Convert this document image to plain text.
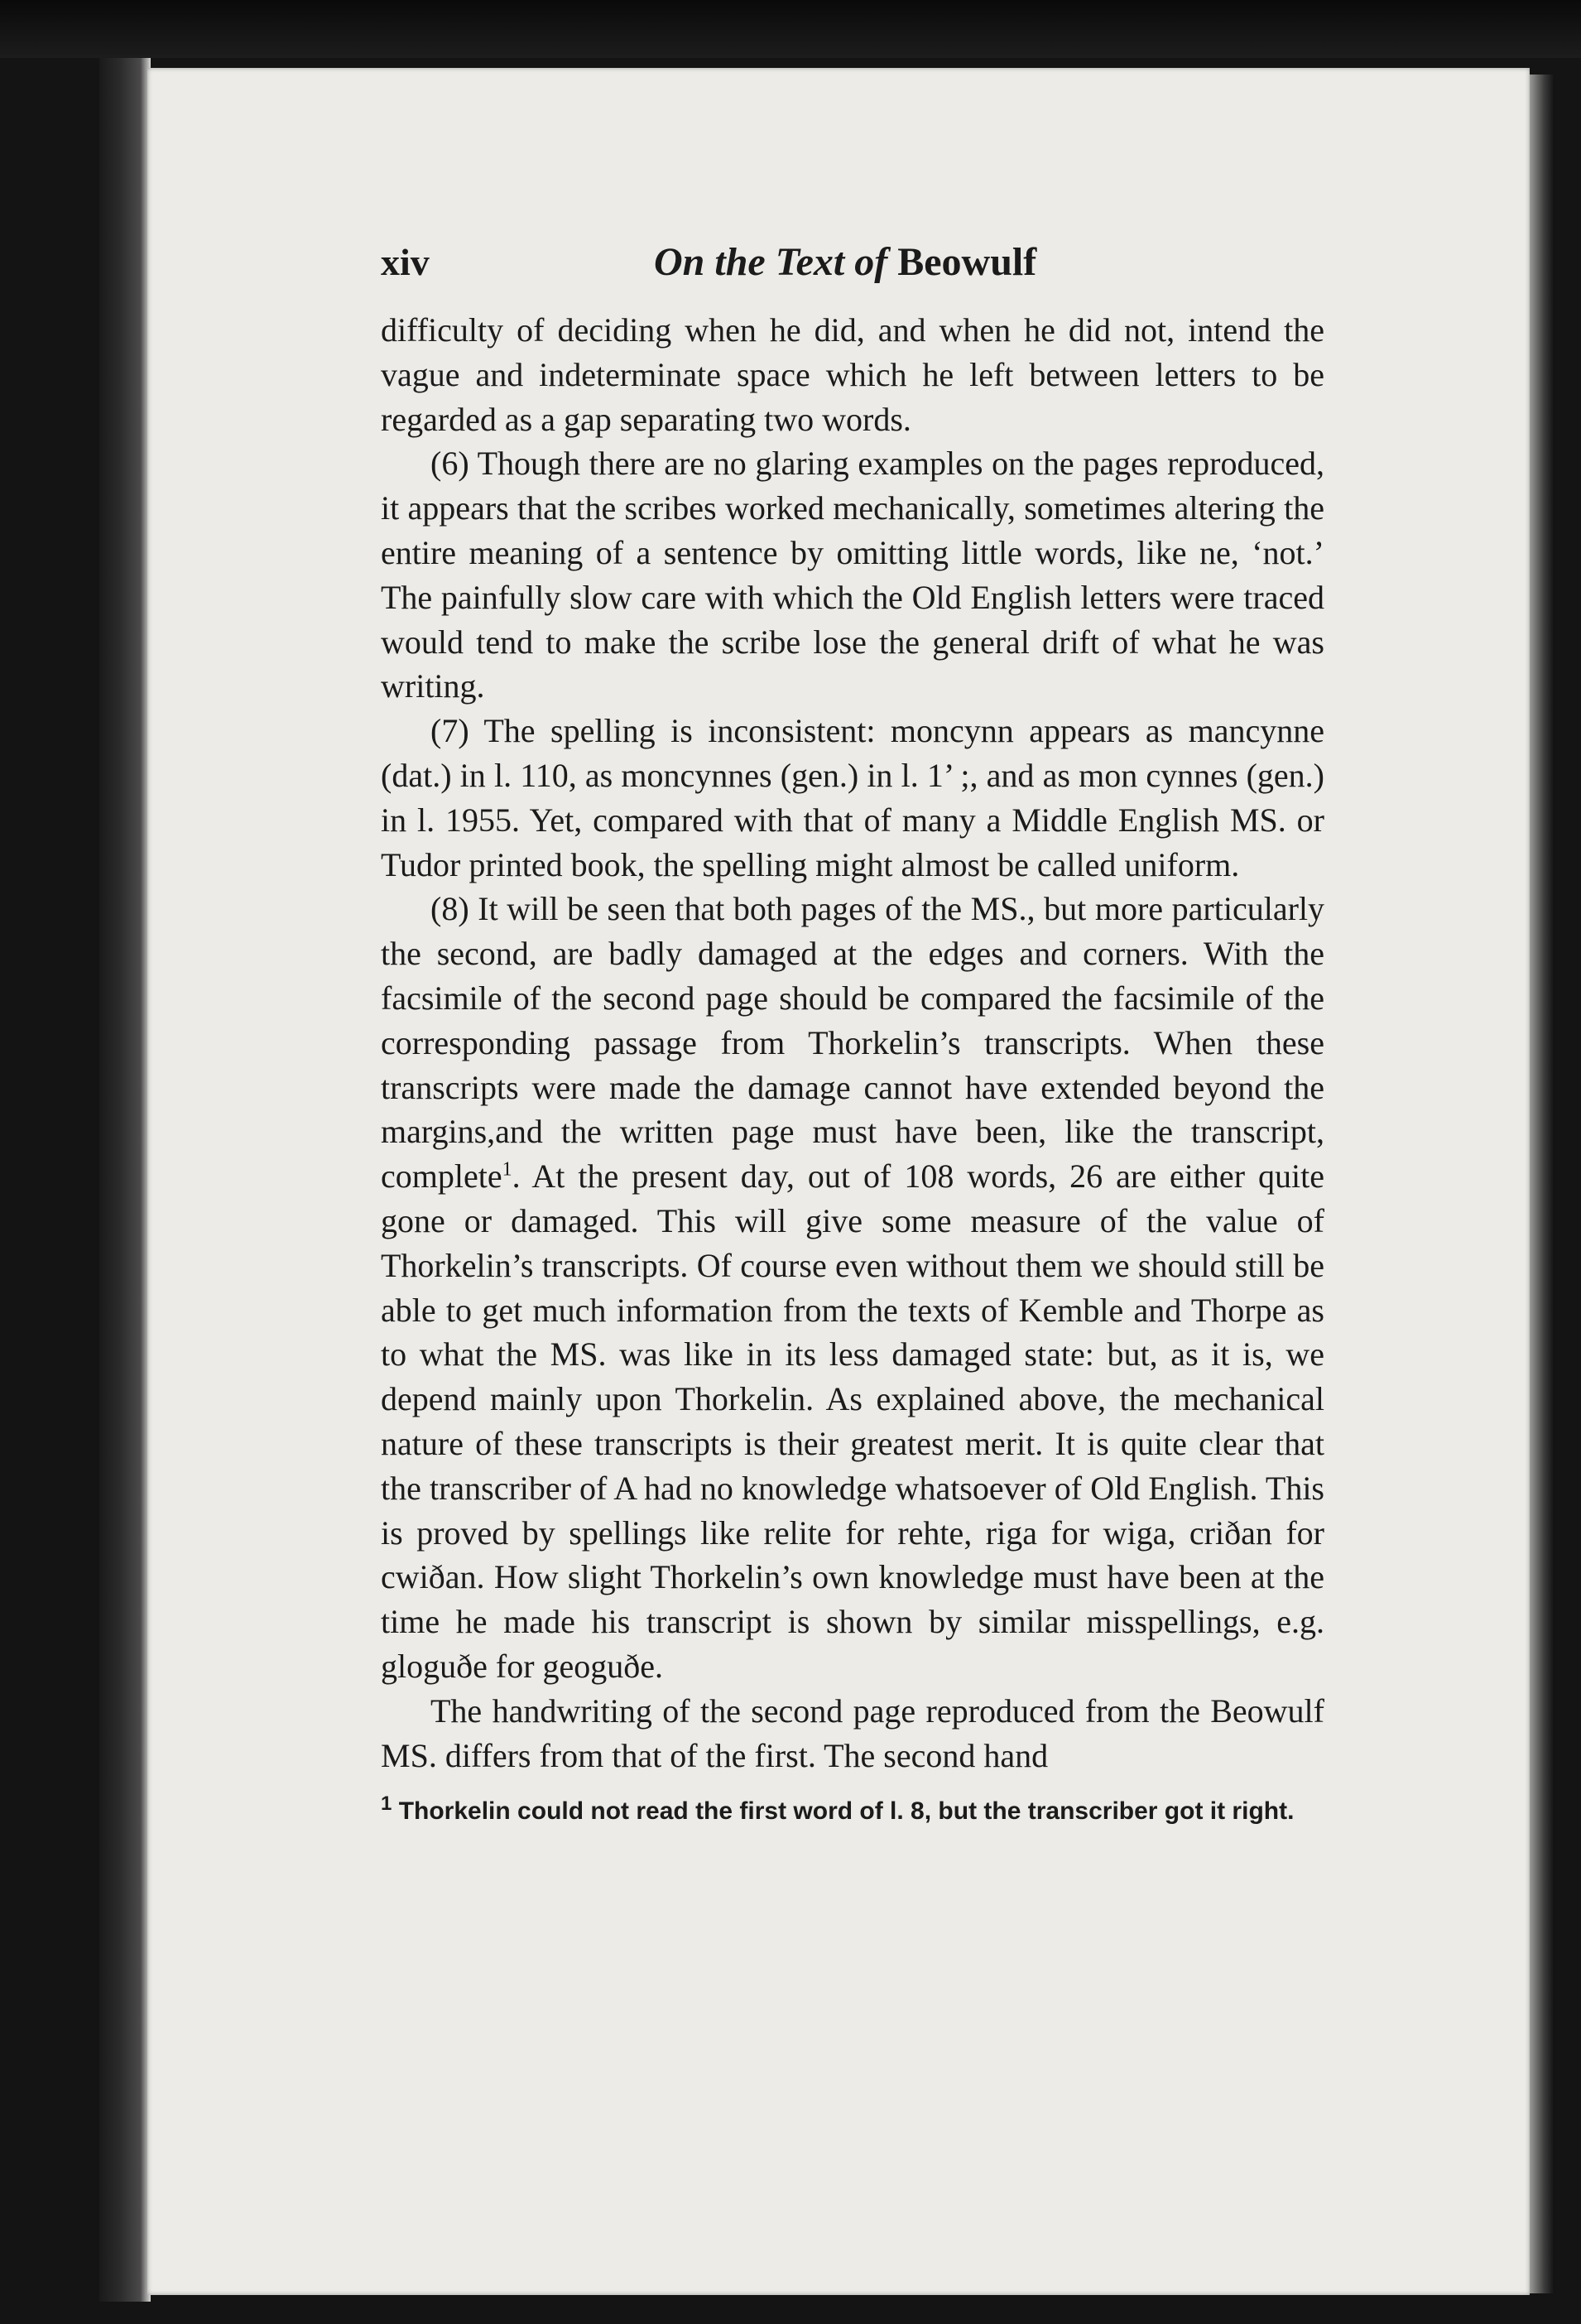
xiv	On the Text of Beowulf

difficulty of deciding when he did, and when he did not, intend the vague and indeterminate space which he left between letters to be regarded as a gap separating two words.

(6) Though there are no glaring examples on the pages reproduced, it appears that the scribes worked mechanically, sometimes altering the entire meaning of a sentence by omitting little words, like ne, ‘not.’ The painfully slow care with which the Old English letters were traced would tend to make the scribe lose the general drift of what he was writing.

(7) The spelling is inconsistent: moncynn appears as mancynne (dat.) in l. 110, as moncynnes (gen.) in l. 1’ ;, and as mon cynnes (gen.) in l. 1955. Yet, compared with that of many a Middle English MS. or Tudor printed book, the spelling might almost be called uniform.

(8) It will be seen that both pages of the MS., but more particularly the second, are badly damaged at the edges and corners. With the facsimile of the second page should be compared the facsimile of the corresponding passage from Thorkelin’s transcripts. When these transcripts were made the damage cannot have extended beyond the margins,and the written page must have been, like the transcript, complete$^1$. At the present day, out of 108 words, 26 are either quite gone or damaged. This will give some measure of the value of Thorkelin’s transcripts. Of course even without them we should still be able to get much information from the texts of Kemble and Thorpe as to what the MS. was like in its less damaged state: but, as it is, we depend mainly upon Thorkelin. As explained above, the mechanical nature of these transcripts is their greatest merit. It is quite clear that the transcriber of A had no knowledge whatsoever of Old English. This is proved by spellings like relite for rehte, riga for wiga, criðan for cwiðan. How slight Thorkelin’s own knowledge must have been at the time he made his transcript is shown by similar misspellings, e.g. gloguðe for geoguðe.

The handwriting of the second page reproduced from the Beowulf MS. differs from that of the first. The second hand

$^1$ Thorkelin could not read the first word of l. 8, but the transcriber got it right.
